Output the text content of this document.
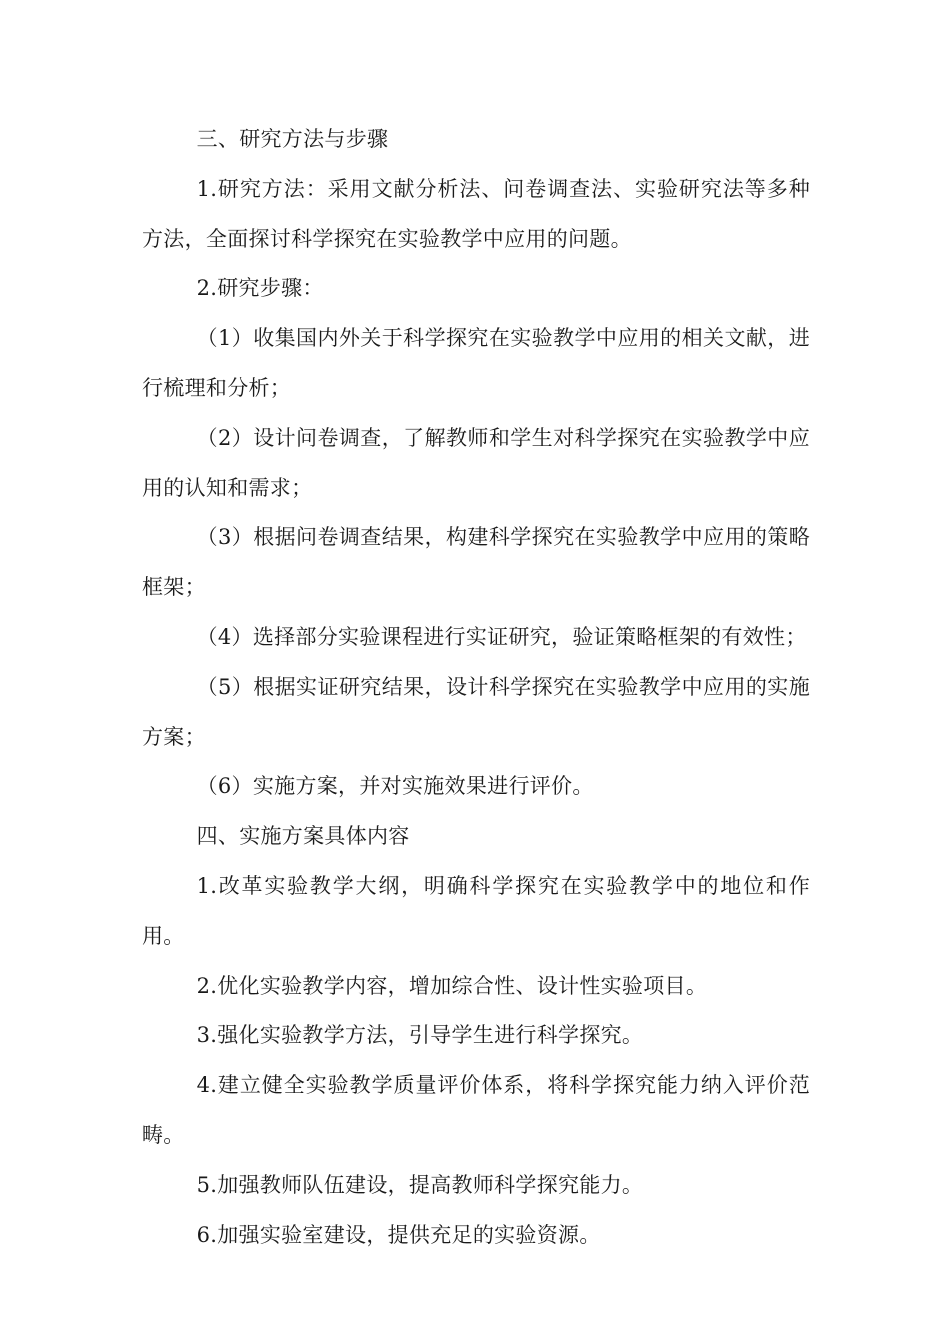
三、研究方法与步骤

1.研究方法：采用文献分析法、问卷调查法、实验研究法等多种方法，全面探讨科学探究在实验教学中应用的问题。

2.研究步骤：

（1）收集国内外关于科学探究在实验教学中应用的相关文献，进行梳理和分析；

（2）设计问卷调查，了解教师和学生对科学探究在实验教学中应用的认知和需求；

（3）根据问卷调查结果，构建科学探究在实验教学中应用的策略框架；

（4）选择部分实验课程进行实证研究，验证策略框架的有效性；

（5）根据实证研究结果，设计科学探究在实验教学中应用的实施方案；

（6）实施方案，并对实施效果进行评价。

四、实施方案具体内容

1.改革实验教学大纲，明确科学探究在实验教学中的地位和作用。

2.优化实验教学内容，增加综合性、设计性实验项目。

3.强化实验教学方法，引导学生进行科学探究。

4.建立健全实验教学质量评价体系，将科学探究能力纳入评价范畴。

5.加强教师队伍建设，提高教师科学探究能力。

6.加强实验室建设，提供充足的实验资源。
